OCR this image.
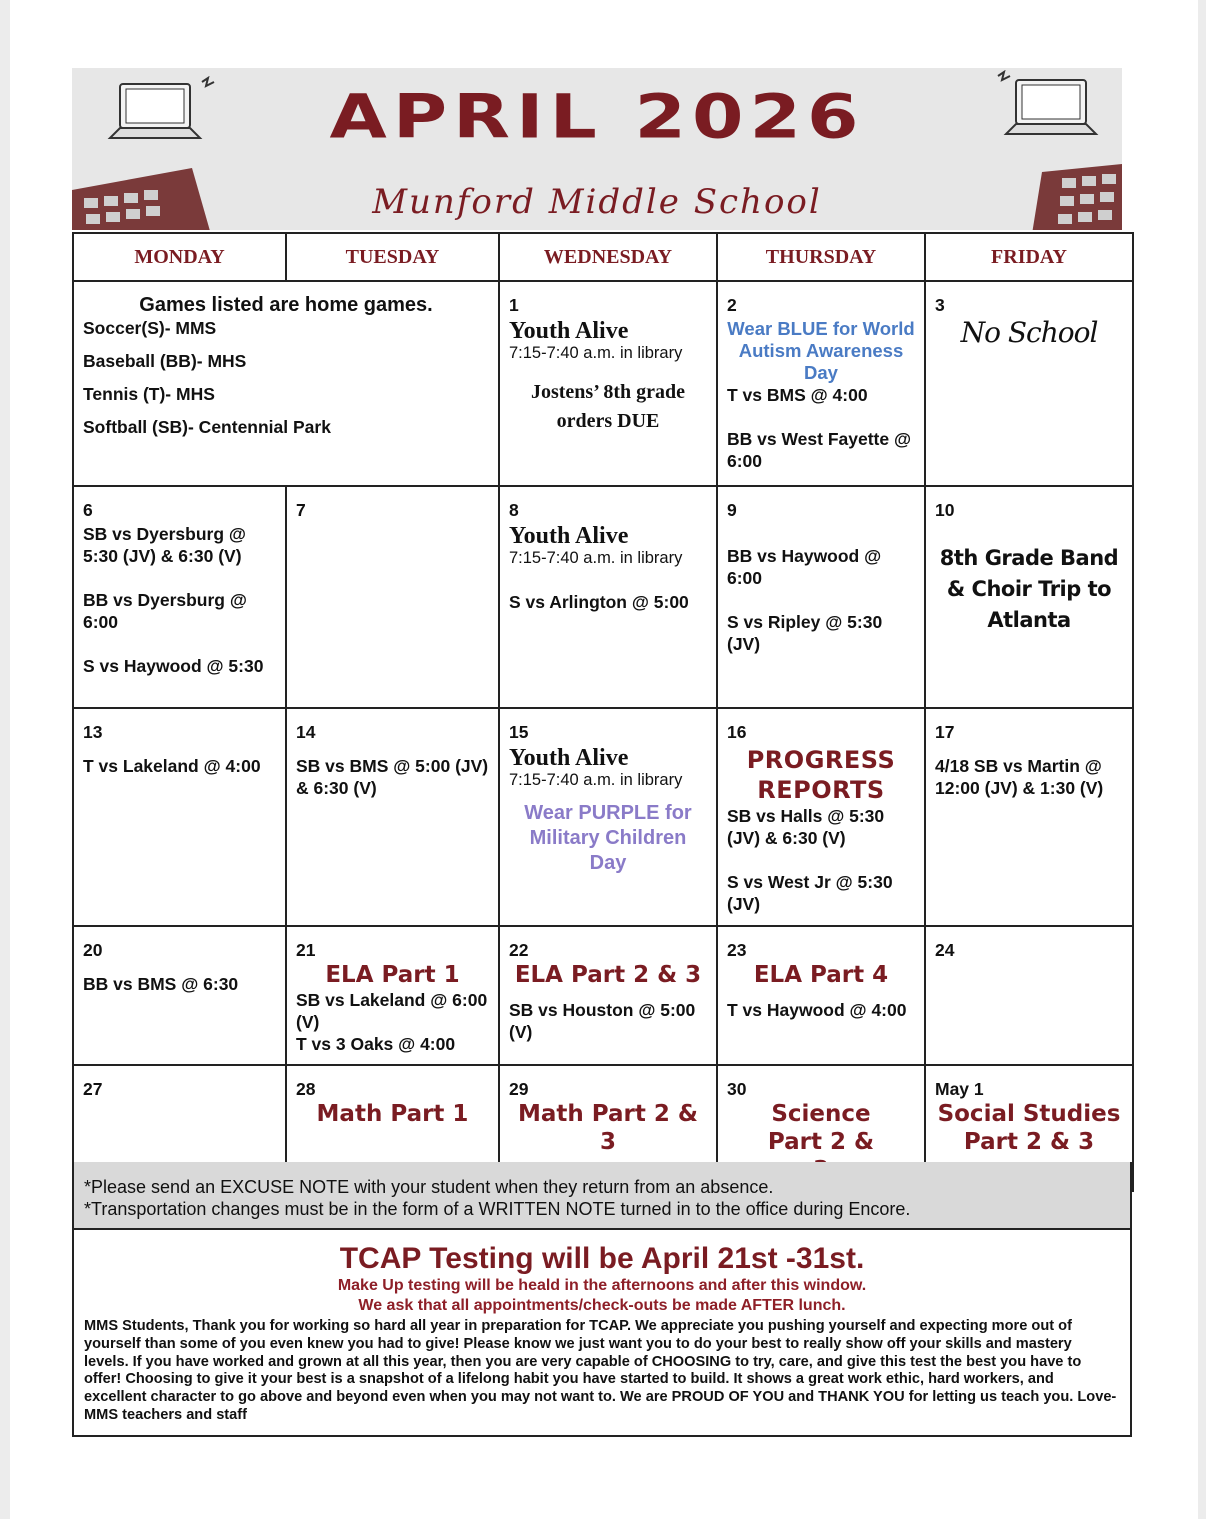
APRIL 2026
Munford Middle School
MONDAY	TUESDAY	WEDNESDAY	THURSDAY	FRIDAY

Games listed are home games.
Soccer(S)- MMS
Baseball (BB)- MHS
Tennis (T)- MHS
Softball (SB)- Centennial Park		1
Youth Alive
7:15-7:40 a.m. in library
Jostens’ 8th grade orders DUE	2
Wear BLUE for World Autism Awareness Day
T vs BMS @ 4:00
BB vs West Fayette @ 6:00	3
No School

6
SB vs Dyersburg @ 5:30 (JV) & 6:30 (V)
BB vs Dyersburg @ 6:00
S vs Haywood @ 5:30	7	8
Youth Alive
7:15-7:40 a.m. in library
S vs Arlington @ 5:00	9
BB vs Haywood @ 6:00
S vs Ripley @ 5:30 (JV)	10
8th Grade Band & Choir Trip to Atlanta

13
T vs Lakeland @ 4:00	14
SB vs BMS @ 5:00 (JV) & 6:30 (V)	15
Youth Alive
7:15-7:40 a.m. in library
Wear PURPLE for Military Children Day	16
PROGRESS REPORTS
SB vs Halls @ 5:30 (JV) & 6:30 (V)
S vs West Jr @ 5:30 (JV)	17
4/18 SB vs Martin @ 12:00 (JV) & 1:30 (V)

20
BB vs BMS @ 6:30	21
ELA Part 1
SB vs Lakeland @ 6:00 (V)
T vs 3 Oaks @ 4:00	22
ELA Part 2 & 3
SB vs Houston @ 5:00 (V)	23
ELA Part 4
T vs Haywood @ 4:00	24

27	28
Math Part 1	29
Math Part 2 & 3	30
Science Part 2 &	May 1
Social Studies Part 2 & 3
*Please send an EXCUSE NOTE with your student when they return from an absence.
*Transportation changes must be in the form of a WRITTEN NOTE turned in to the office during Encore.
TCAP Testing will be April 21st -31st.
Make Up testing will be heald in the afternoons and after this window.
We ask that all appointments/check-outs be made AFTER lunch.
MMS Students, Thank you for working so hard all year in preparation for TCAP. We appreciate you pushing yourself and expecting more out of yourself than some of you even knew you had to give! Please know we just want you to do your best to really show off your skills and mastery levels. If you have worked and grown at all this year, then you are very capable of CHOOSING to try, care, and give this test the best you have to offer! Choosing to give it your best is a snapshot of a lifelong habit you have started to build. It shows a great work ethic, hard workers, and excellent character to go above and beyond even when you may not want to. We are PROUD OF YOU and THANK YOU for letting us teach you. Love- MMS teachers and staff
